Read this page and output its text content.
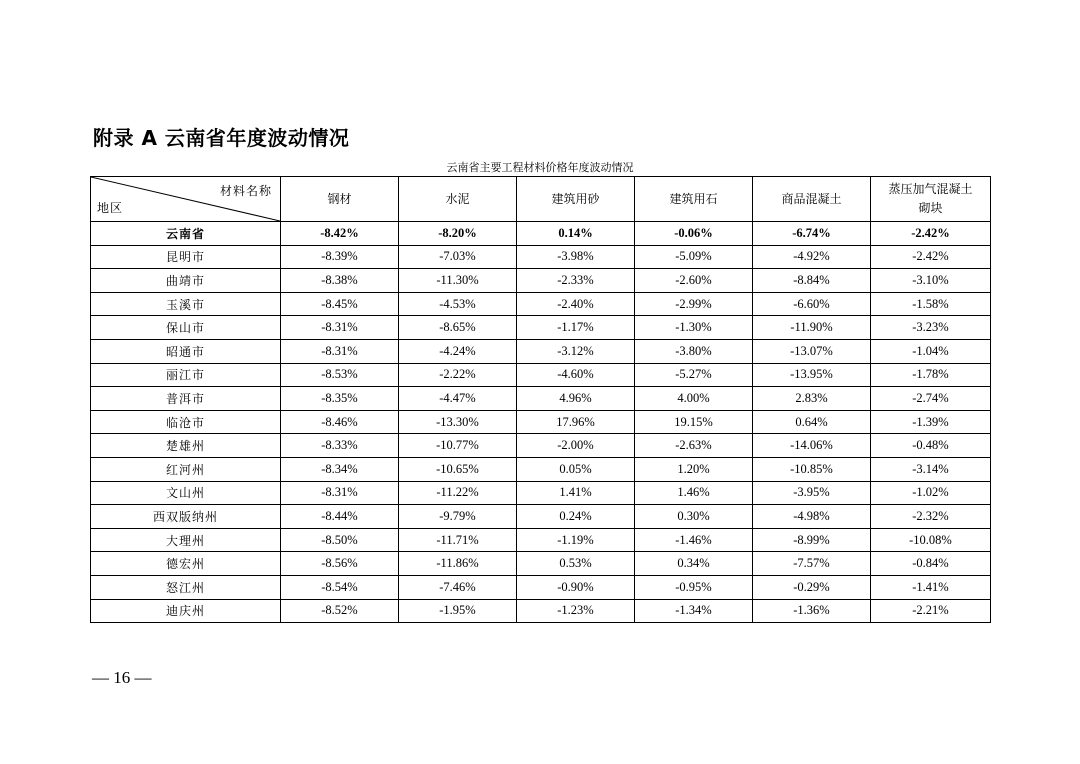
附录 A 云南省年度波动情况
云南省主要工程材料价格年度波动情况
材料名称
地区	钢材	水泥	建筑用砂	建筑用石	商品混凝土	蒸压加气混凝土
砌块
云南省	-8.42%	-8.20%	0.14%	-0.06%	-6.74%	-2.42%
昆明市	-8.39%	-7.03%	-3.98%	-5.09%	-4.92%	-2.42%
曲靖市	-8.38%	-11.30%	-2.33%	-2.60%	-8.84%	-3.10%
玉溪市	-8.45%	-4.53%	-2.40%	-2.99%	-6.60%	-1.58%
保山市	-8.31%	-8.65%	-1.17%	-1.30%	-11.90%	-3.23%
昭通市	-8.31%	-4.24%	-3.12%	-3.80%	-13.07%	-1.04%
丽江市	-8.53%	-2.22%	-4.60%	-5.27%	-13.95%	-1.78%
普洱市	-8.35%	-4.47%	4.96%	4.00%	2.83%	-2.74%
临沧市	-8.46%	-13.30%	17.96%	19.15%	0.64%	-1.39%
楚雄州	-8.33%	-10.77%	-2.00%	-2.63%	-14.06%	-0.48%
红河州	-8.34%	-10.65%	0.05%	1.20%	-10.85%	-3.14%
文山州	-8.31%	-11.22%	1.41%	1.46%	-3.95%	-1.02%
西双版纳州	-8.44%	-9.79%	0.24%	0.30%	-4.98%	-2.32%
大理州	-8.50%	-11.71%	-1.19%	-1.46%	-8.99%	-10.08%
德宏州	-8.56%	-11.86%	0.53%	0.34%	-7.57%	-0.84%
怒江州	-8.54%	-7.46%	-0.90%	-0.95%	-0.29%	-1.41%
迪庆州	-8.52%	-1.95%	-1.23%	-1.34%	-1.36%	-2.21%
— 16 —
